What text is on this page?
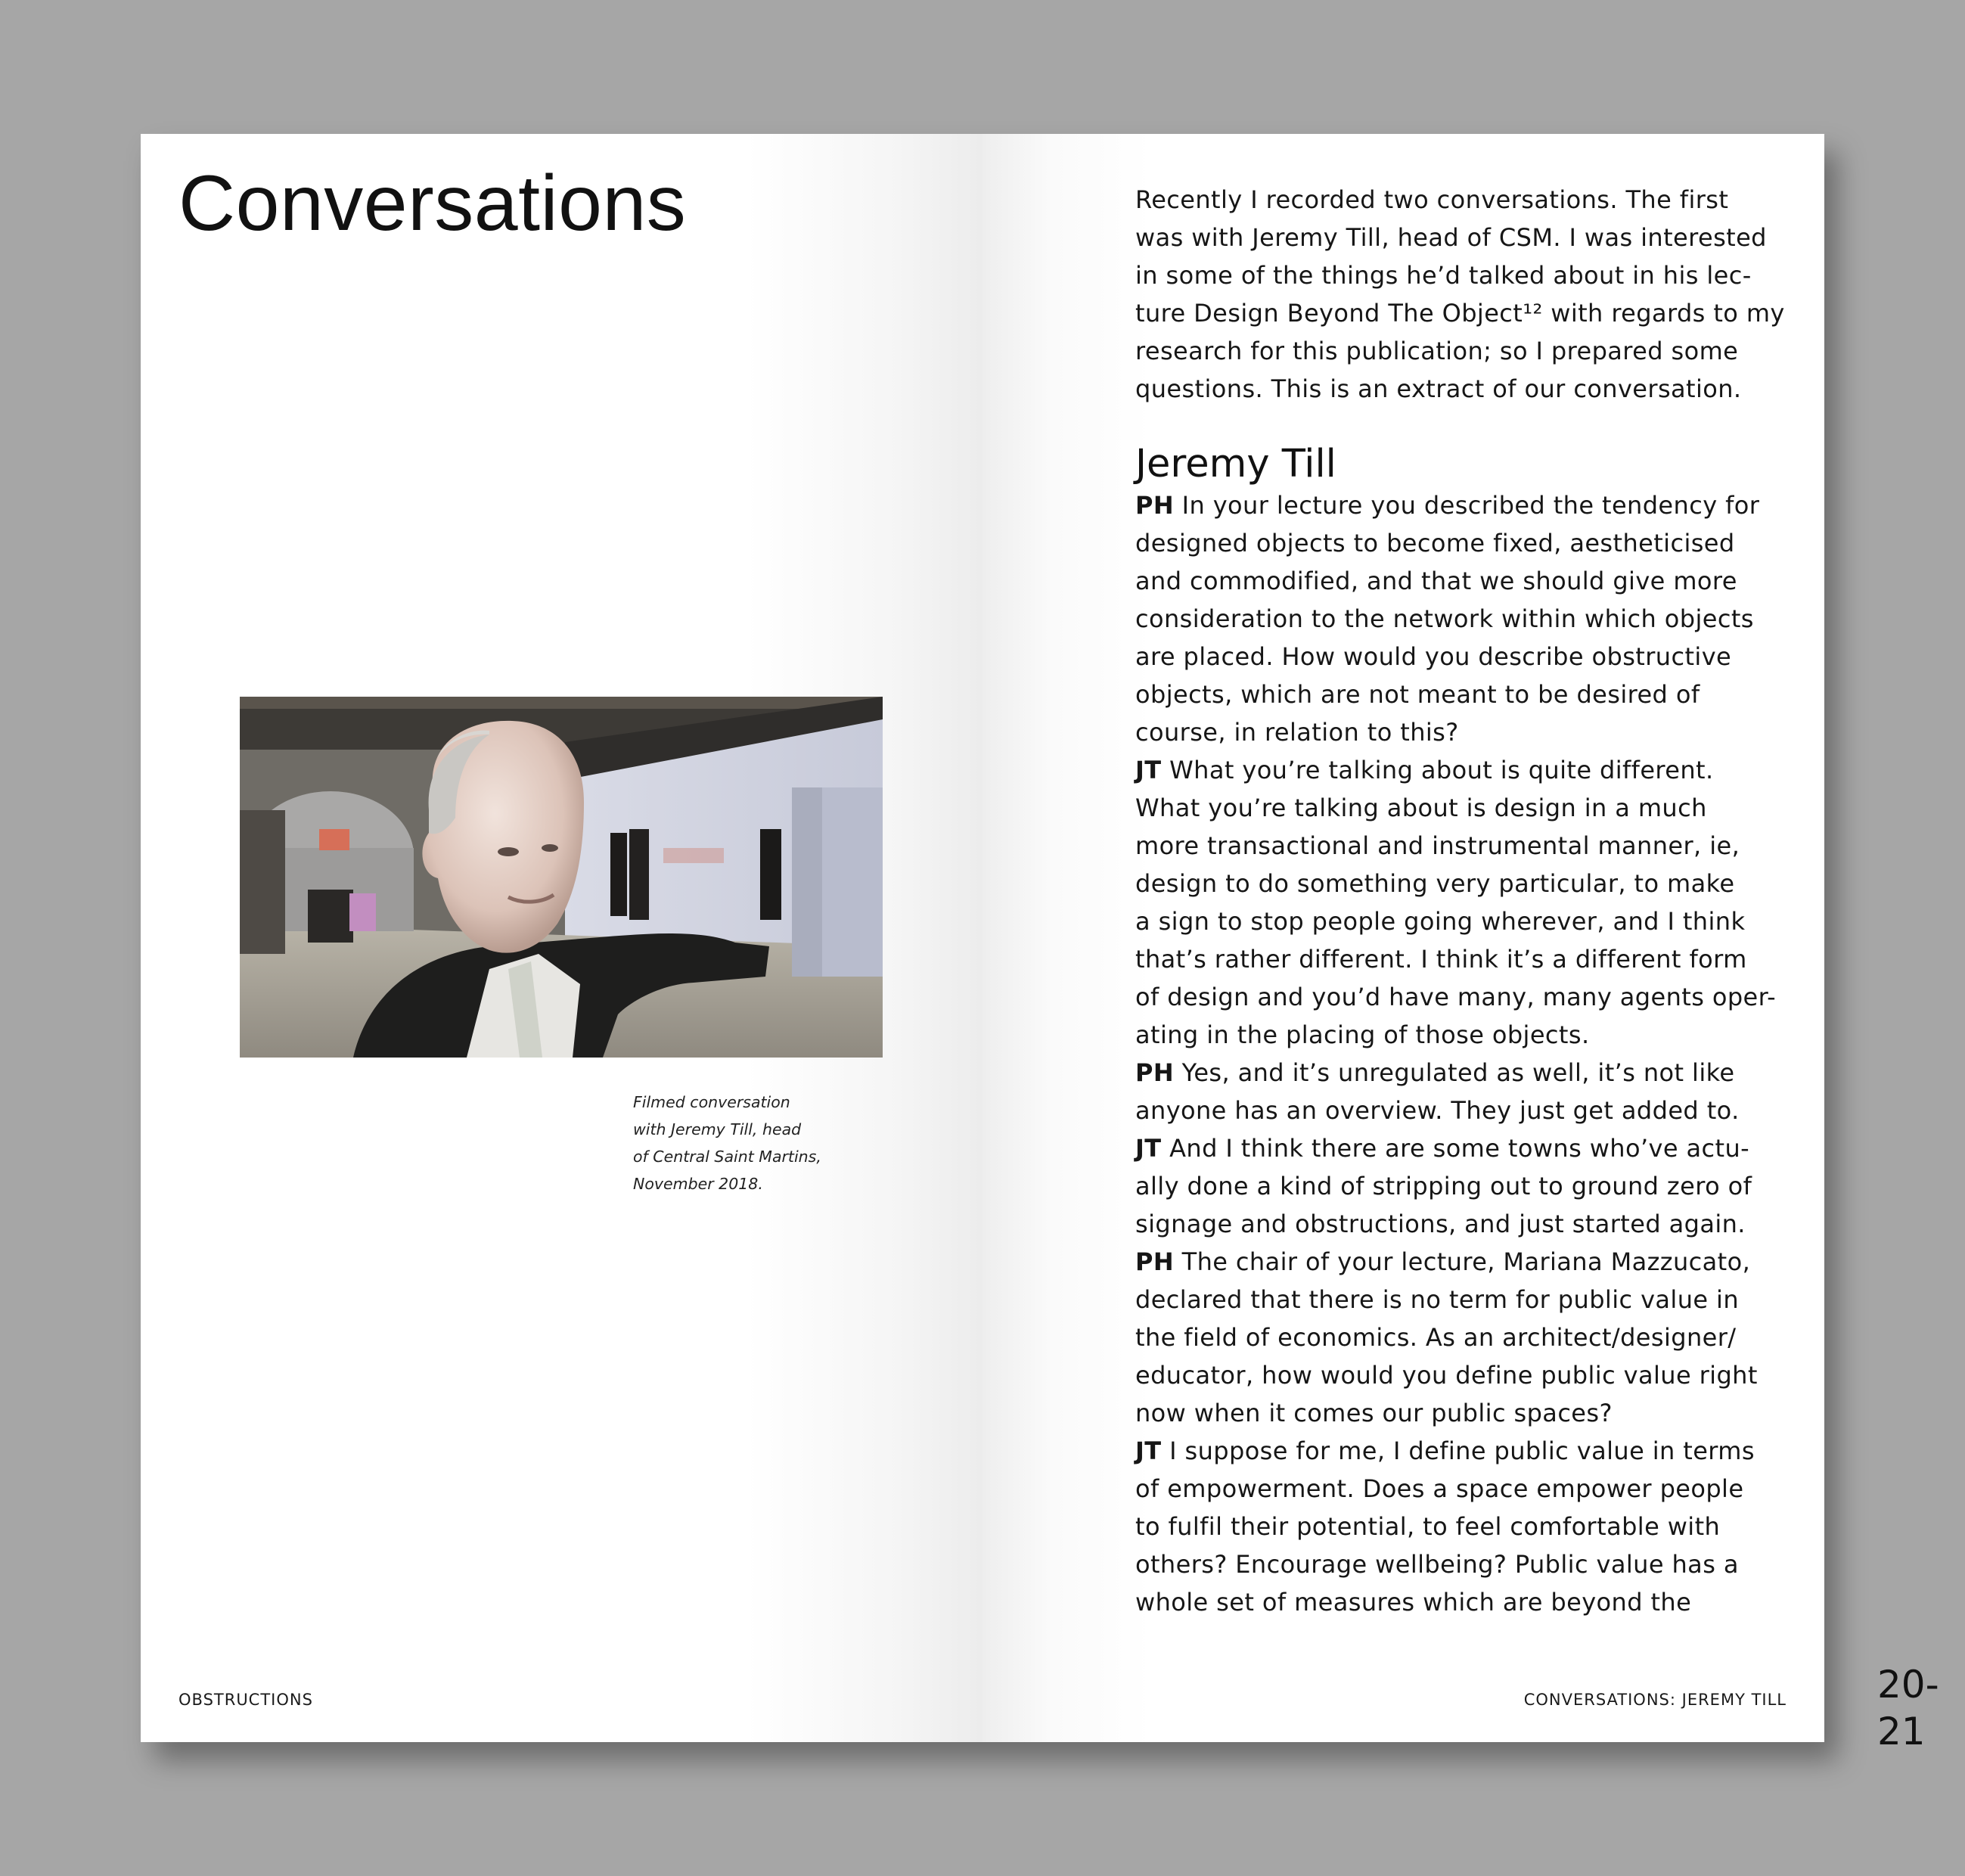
Conversations
Filmed conversation
with Jeremy Till, head
of Central Saint Martins,
November 2018.
OBSTRUCTIONS	20-21
CONVERSATIONS: JEREMY TILL
Recently I recorded two conversations. The first
was with Jeremy Till, head of CSM. I was interested
in some of the things he’d talked about in his lec-
ture Design Beyond The Object¹² with regards to my
research for this publication; so I prepared some
questions. This is an extract of our conversation.
Jeremy Till
PH In your lecture you described the tendency for
designed objects to become fixed, aestheticised
and commodified, and that we should give more
consideration to the network within which objects
are placed. How would you describe obstructive
objects, which are not meant to be desired of
course, in relation to this?
JT What you’re talking about is quite different.
What you’re talking about is design in a much
more transactional and instrumental manner, ie,
design to do something very particular, to make
a sign to stop people going wherever, and I think
that’s rather different. I think it’s a different form
of design and you’d have many, many agents oper-
ating in the placing of those objects.
PH Yes, and it’s unregulated as well, it’s not like
anyone has an overview. They just get added to.
JT And I think there are some towns who’ve actu-
ally done a kind of stripping out to ground zero of
signage and obstructions, and just started again.
PH The chair of your lecture, Mariana Mazzucato,
declared that there is no term for public value in
the field of economics. As an architect/designer/
educator, how would you define public value right
now when it comes our public spaces?
JT I suppose for me, I define public value in terms
of empowerment. Does a space empower people
to fulfil their potential, to feel comfortable with
others? Encourage wellbeing? Public value has a
whole set of measures which are beyond the
